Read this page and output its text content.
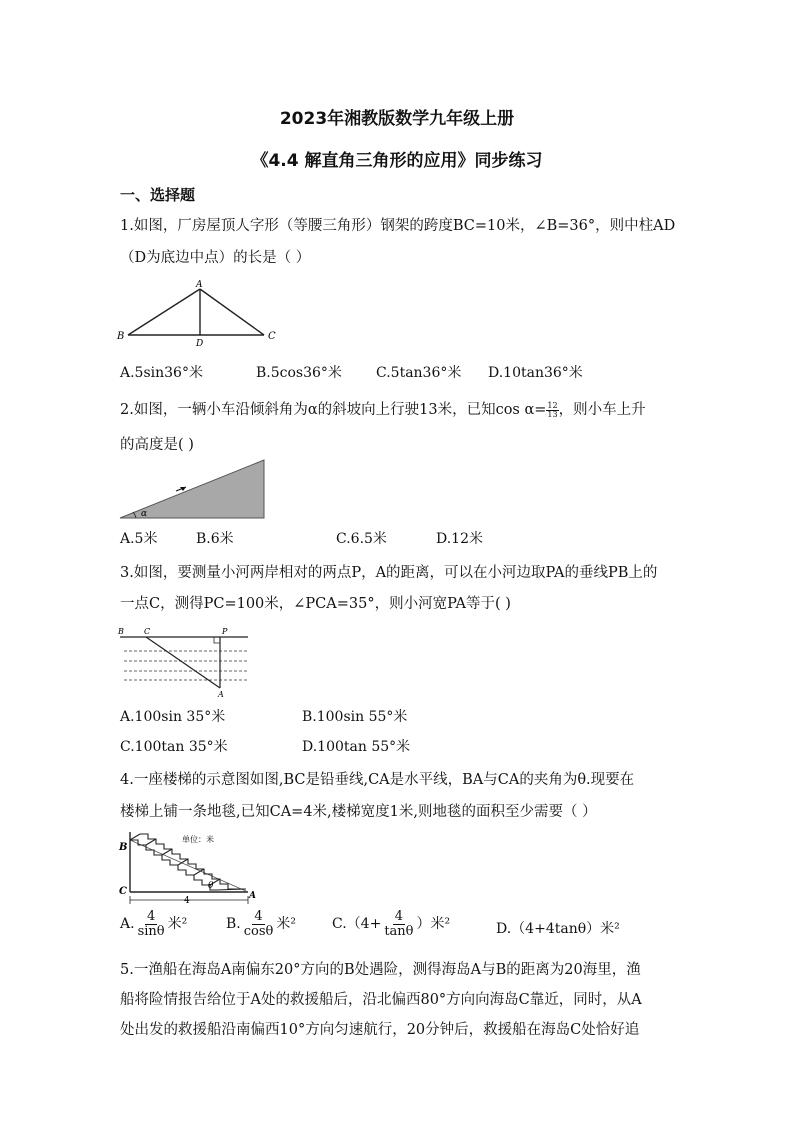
2023年湘教版数学九年级上册
《4.4 解直角三角形的应用》同步练习
一、选择题
1.如图，厂房屋顶人字形（等腰三角形）钢架的跨度BC=10米，∠B=36°，则中柱AD
（D为底边中点）的长是（ ）
A
B	C
D
A.5sin36°米	B.5cos36°米 C.5tan36°米 D.10tan36°米
2.如图，一辆小车沿倾斜角为α的斜坡向上行驶13米，已知$\cos \alpha= \frac{12}{13}$ ，则小车上升
的高度是( )
α
A.5米	B.6米	C.6.5米	D.12米
3.如图，要测量小河两岸相对的两点P，A的距离，可以在小河边取PA的垂线PB上的
一点C，测得PC=100米，∠PCA=35°，则小河宽PA等于( )
B	C	P
A
A.100sin 35°米	B.100sin 55°米
C.100tan 35°米	D.100tan 55°米
4.一座楼梯的示意图如图,BC是铅垂线,CA是水平线，BA与CA的夹角为θ.现要在
楼梯上铺一条地毯,已知CA=4米,楼梯宽度1米,则地毯的面积至少需要（ ）
4
单位：米
B
C	A
θ
A. $\frac{4}{\sin\theta}$ 米²	B. $\frac{4}{\cos\theta}$ 米²	$C.(4+ \frac{4}{\tan\theta}$ ）米²	D.（4+4tanθ）米²
5.一渔船在海岛A南偏东20°方向的B处遇险，测得海岛A与B的距离为20海里，渔
船将险情报告给位于A处的救援船后，沿北偏西80°方向向海岛C靠近，同时，从A
处出发的救援船沿南偏西10°方向匀速航行，20分钟后，救援船在海岛C处恰好追
